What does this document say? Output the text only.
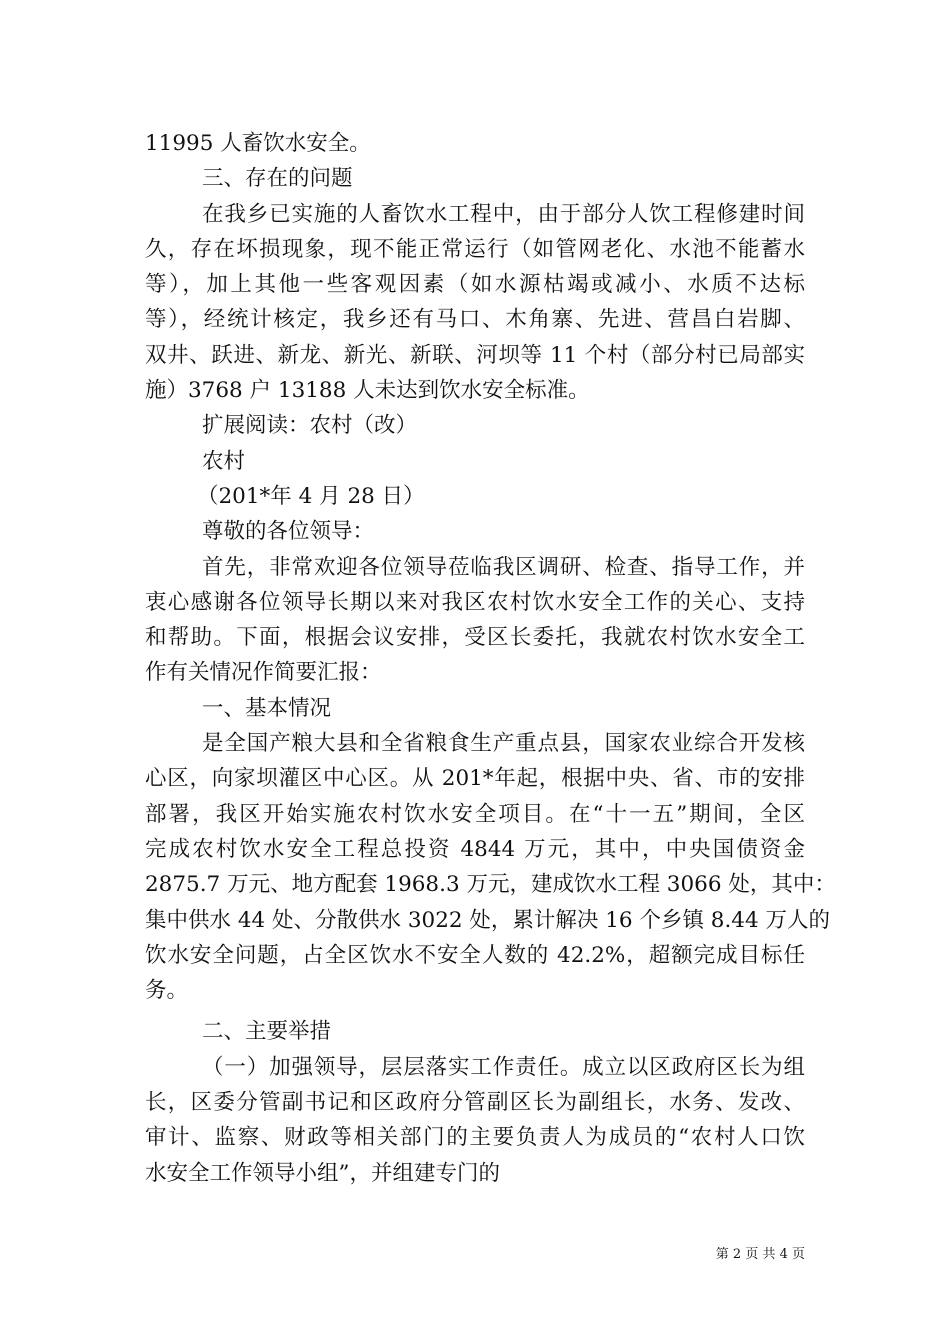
11995 人畜饮水安全。
三、存在的问题
在我乡已实施的人畜饮水工程中，由于部分人饮工程修建时间
久，存在坏损现象，现不能正常运行（如管网老化、水池不能蓄水
等），加上其他一些客观因素（如水源枯竭或减小、水质不达标
等），经统计核定，我乡还有马口、木角寨、先进、营昌白岩脚、
双井、跃进、新龙、新光、新联、河坝等 11 个村（部分村已局部实
施）3768 户 13188 人未达到饮水安全标准。
扩展阅读：农村（改）
农村
（201*年 4 月 28 日）
尊敬的各位领导：
首先，非常欢迎各位领导莅临我区调研、检查、指导工作，并
衷心感谢各位领导长期以来对我区农村饮水安全工作的关心、支持
和帮助。下面，根据会议安排，受区长委托，我就农村饮水安全工
作有关情况作简要汇报：
一、基本情况
是全国产粮大县和全省粮食生产重点县，国家农业综合开发核
心区，向家坝灌区中心区。从 201*年起，根据中央、省、市的安排
部署，我区开始实施农村饮水安全项目。在“十一五”期间，全区
完成农村饮水安全工程总投资 4844 万元，其中，中央国债资金
2875.7 万元、地方配套 1968.3 万元，建成饮水工程 3066 处，其中：
集中供水 44 处、分散供水 3022 处，累计解决 16 个乡镇 8.44 万人的
饮水安全问题，占全区饮水不安全人数的 42.2%，超额完成目标任
务。
二、主要举措
（一）加强领导，层层落实工作责任。成立以区政府区长为组
长，区委分管副书记和区政府分管副区长为副组长，水务、发改、
审计、监察、财政等相关部门的主要负责人为成员的“农村人口饮
水安全工作领导小组”，并组建专门的
第 2 页 共 4 页
